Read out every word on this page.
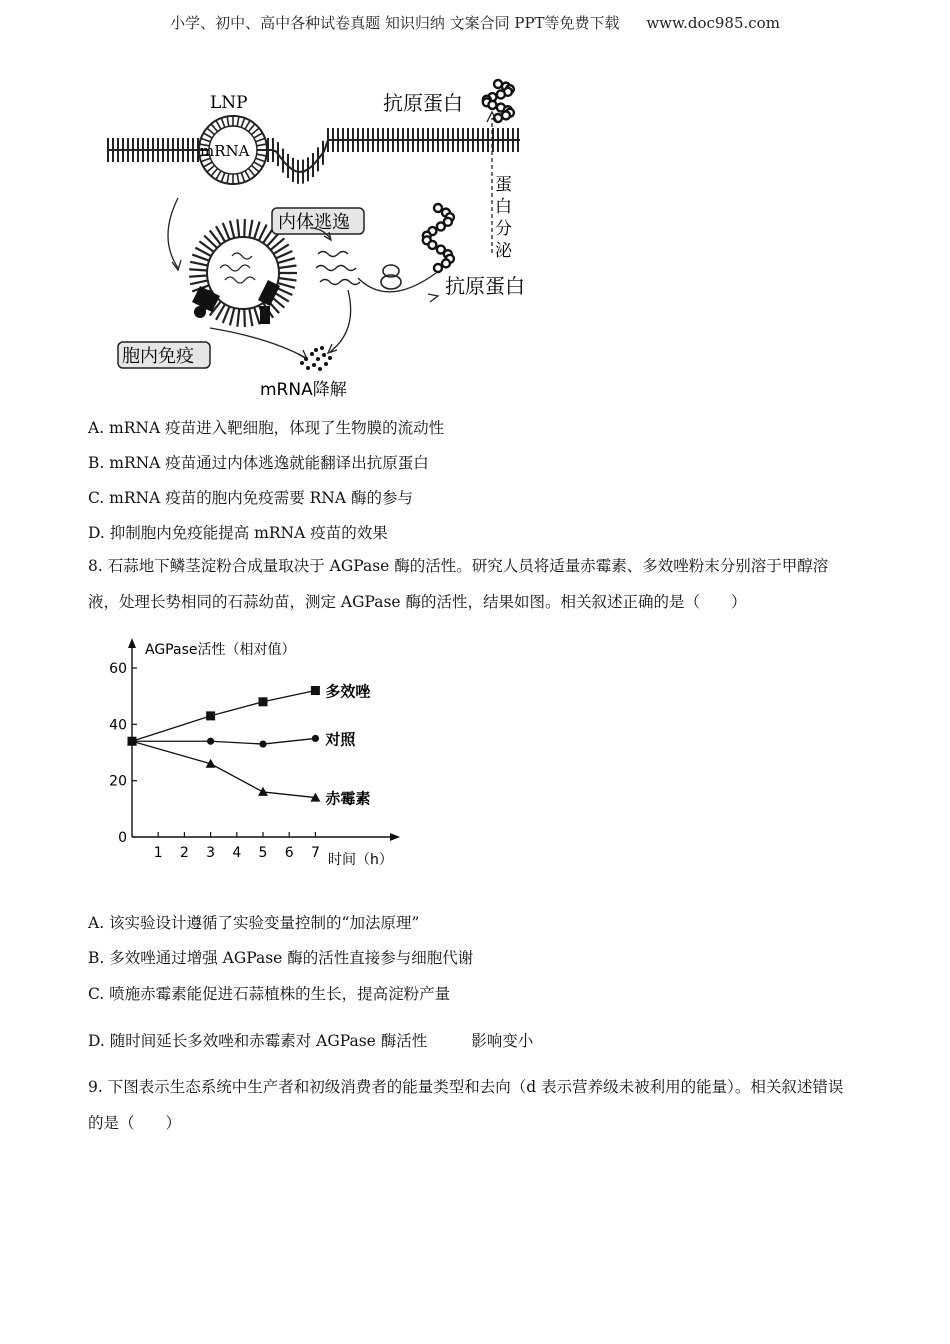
小学、初中、高中各种试卷真题 知识归纳 文案合同 PPT等免费下载 www.doc985.com
LNP
mRNA
内体逃逸
胞内免疫
抗原蛋白
抗原蛋白
蛋
白
分
泌
mRNA降解
A. mRNA 疫苗进入靶细胞，体现了生物膜的流动性
B. mRNA 疫苗通过内体逃逸就能翻译出抗原蛋白
C. mRNA 疫苗的胞内免疫需要 RNA 酶的参与
D. 抑制胞内免疫能提高 mRNA 疫苗的效果
8. 石蒜地下鳞茎淀粉合成量取决于 AGPase 酶的活性。研究人员将适量赤霉素、多效唑粉末分别溶于甲醇溶液，处理长势相同的石蒜幼苗，测定 AGPase 酶的活性，结果如图。相关叙述正确的是（　　）
0
20
40
60
1 2 3 4 5 6 7
多效唑
对照
赤霉素
AGPase活性（相对值）
时间（h）
A. 该实验设计遵循了实验变量控制的“加法原理”
B. 多效唑通过增强 AGPase 酶的活性直接参与细胞代谢
C. 喷施赤霉素能促进石蒜植株的生长，提高淀粉产量
D. 随时间延长多效唑和赤霉素对 AGPase 酶活性	影响变小
9. 下图表示生态系统中生产者和初级消费者的能量类型和去向（d 表示营养级未被利用的能量）。相关叙述错误的是（　　）
